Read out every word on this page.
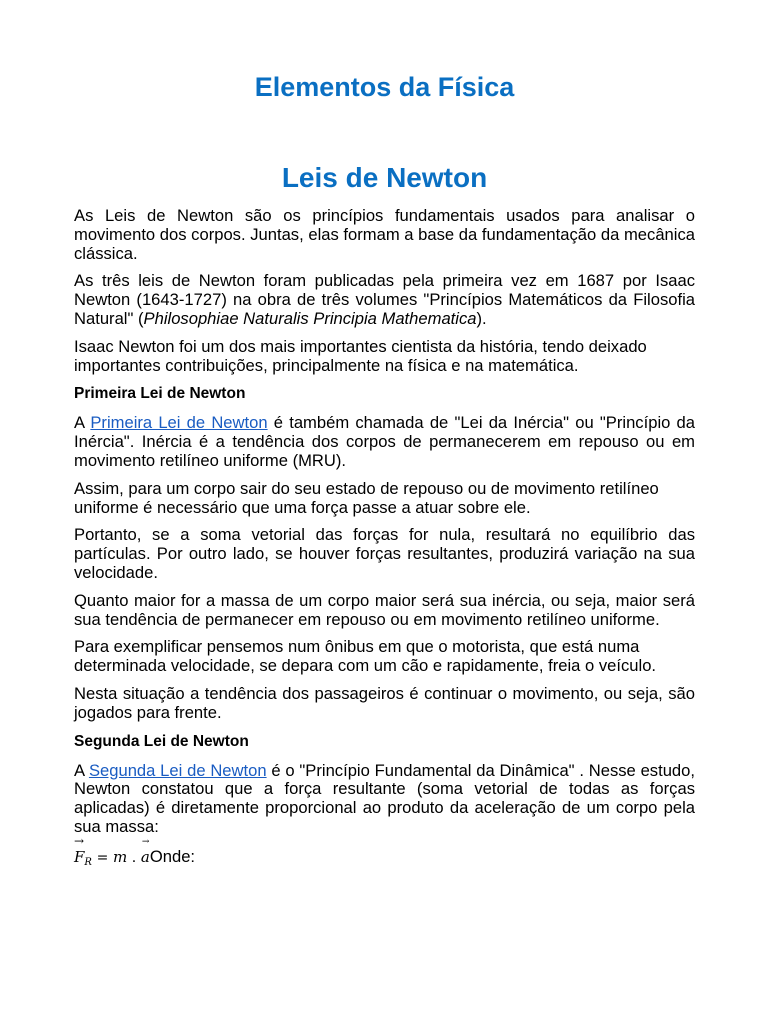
Elementos da Física
Leis de Newton

As Leis de Newton são os princípios fundamentais usados para analisar o movimento dos corpos. Juntas, elas formam a base da fundamentação da mecânica clássica.

As três leis de Newton foram publicadas pela primeira vez em 1687 por Isaac Newton (1643-1727) na obra de três volumes "Princípios Matemáticos da Filosofia Natural" (Philosophiae Naturalis Principia Mathematica).

Isaac Newton foi um dos mais importantes cientista da história, tendo deixado importantes contribuições, principalmente na física e na matemática.

Primeira Lei de Newton

A Primeira Lei de Newton é também chamada de "Lei da Inércia" ou "Princípio da Inércia". Inércia é a tendência dos corpos de permanecerem em repouso ou em movimento retilíneo uniforme (MRU).

Assim, para um corpo sair do seu estado de repouso ou de movimento retilíneo uniforme é necessário que uma força passe a atuar sobre ele.

Portanto, se a soma vetorial das forças for nula, resultará no equilíbrio das partículas. Por outro lado, se houver forças resultantes, produzirá variação na sua velocidade.

Quanto maior for a massa de um corpo maior será sua inércia, ou seja, maior será sua tendência de permanecer em repouso ou em movimento retilíneo uniforme.

Para exemplificar pensemos num ônibus em que o motorista, que está numa determinada velocidade, se depara com um cão e rapidamente, freia o veículo.

Nesta situação a tendência dos passageiros é continuar o movimento, ou seja, são jogados para frente.

Segunda Lei de Newton

A Segunda Lei de Newton é o "Princípio Fundamental da Dinâmica" . Nesse estudo, Newton constatou que a força resultante (soma vetorial de todas as forças aplicadas) é diretamente proporcional ao produto da aceleração de um corpo pela sua massa:

→
FR = m .
→
aOnde:
